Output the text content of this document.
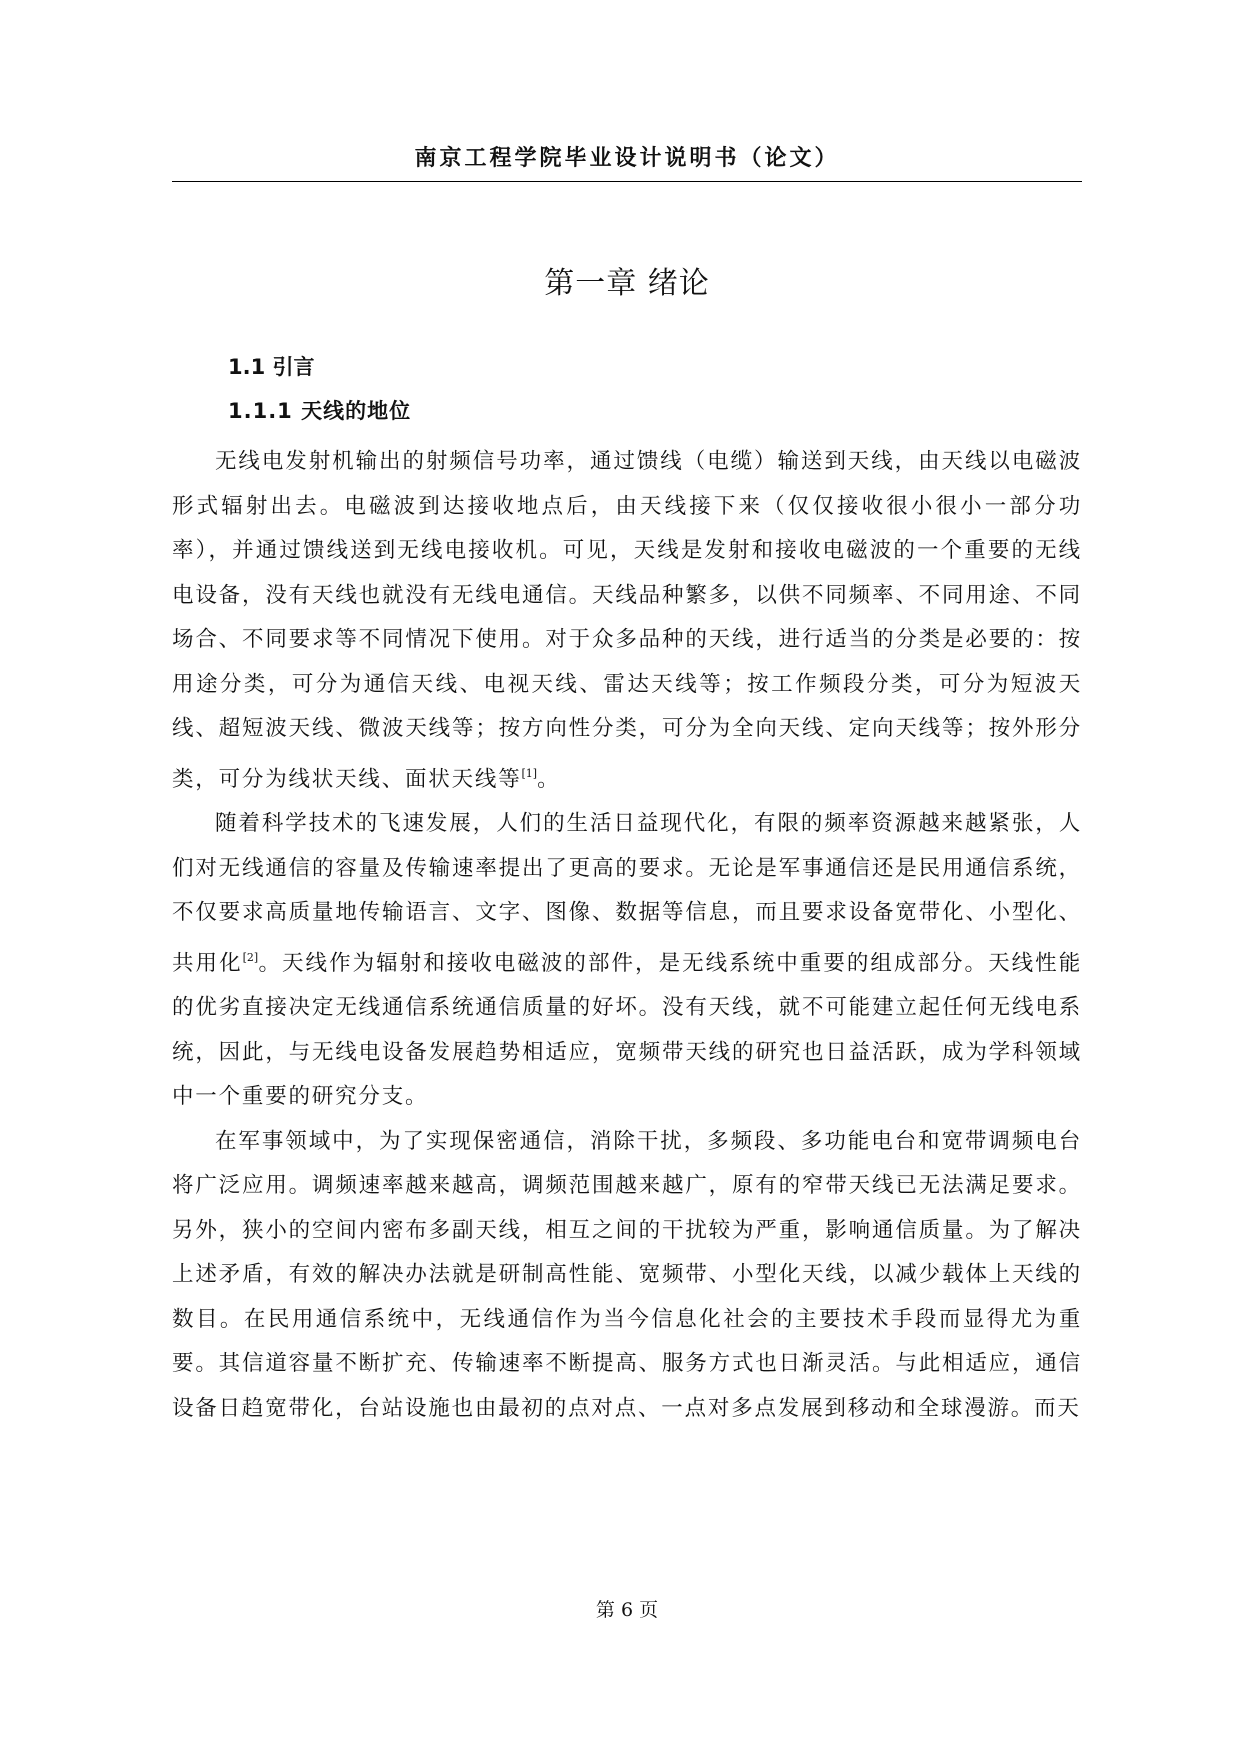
南京工程学院毕业设计说明书（论文）
第一章 绪论
1.1 引言
1.1.1 天线的地位

无线电发射机输出的射频信号功率，通过馈线（电缆）输送到天线，由天线以电磁波形式辐射出去。电磁波到达接收地点后，由天线接下来（仅仅接收很小很小一部分功率），并通过馈线送到无线电接收机。可见，天线是发射和接收电磁波的一个重要的无线电设备，没有天线也就没有无线电通信。天线品种繁多，以供不同频率、不同用途、不同场合、不同要求等不同情况下使用。对于众多品种的天线，进行适当的分类是必要的：按用途分类，可分为通信天线、电视天线、雷达天线等；按工作频段分类，可分为短波天线、超短波天线、微波天线等；按方向性分类，可分为全向天线、定向天线等；按外形分类，可分为线状天线、面状天线等[1]。

随着科学技术的飞速发展，人们的生活日益现代化，有限的频率资源越来越紧张，人们对无线通信的容量及传输速率提出了更高的要求。无论是军事通信还是民用通信系统，不仅要求高质量地传输语言、文字、图像、数据等信息，而且要求设备宽带化、小型化、共用化[2]。天线作为辐射和接收电磁波的部件，是无线系统中重要的组成部分。天线性能的优劣直接决定无线通信系统通信质量的好坏。没有天线，就不可能建立起任何无线电系统，因此，与无线电设备发展趋势相适应，宽频带天线的研究也日益活跃，成为学科领域中一个重要的研究分支。

在军事领域中，为了实现保密通信，消除干扰，多频段、多功能电台和宽带调频电台将广泛应用。调频速率越来越高，调频范围越来越广，原有的窄带天线已无法满足要求。另外，狭小的空间内密布多副天线，相互之间的干扰较为严重，影响通信质量。为了解决上述矛盾，有效的解决办法就是研制高性能、宽频带、小型化天线，以减少载体上天线的数目。在民用通信系统中，无线通信作为当今信息化社会的主要技术手段而显得尤为重要。其信道容量不断扩充、传输速率不断提高、服务方式也日渐灵活。与此相适应，通信设备日趋宽带化，台站设施也由最初的点对点、一点对多点发展到移动和全球漫游。而天

第 6 页
